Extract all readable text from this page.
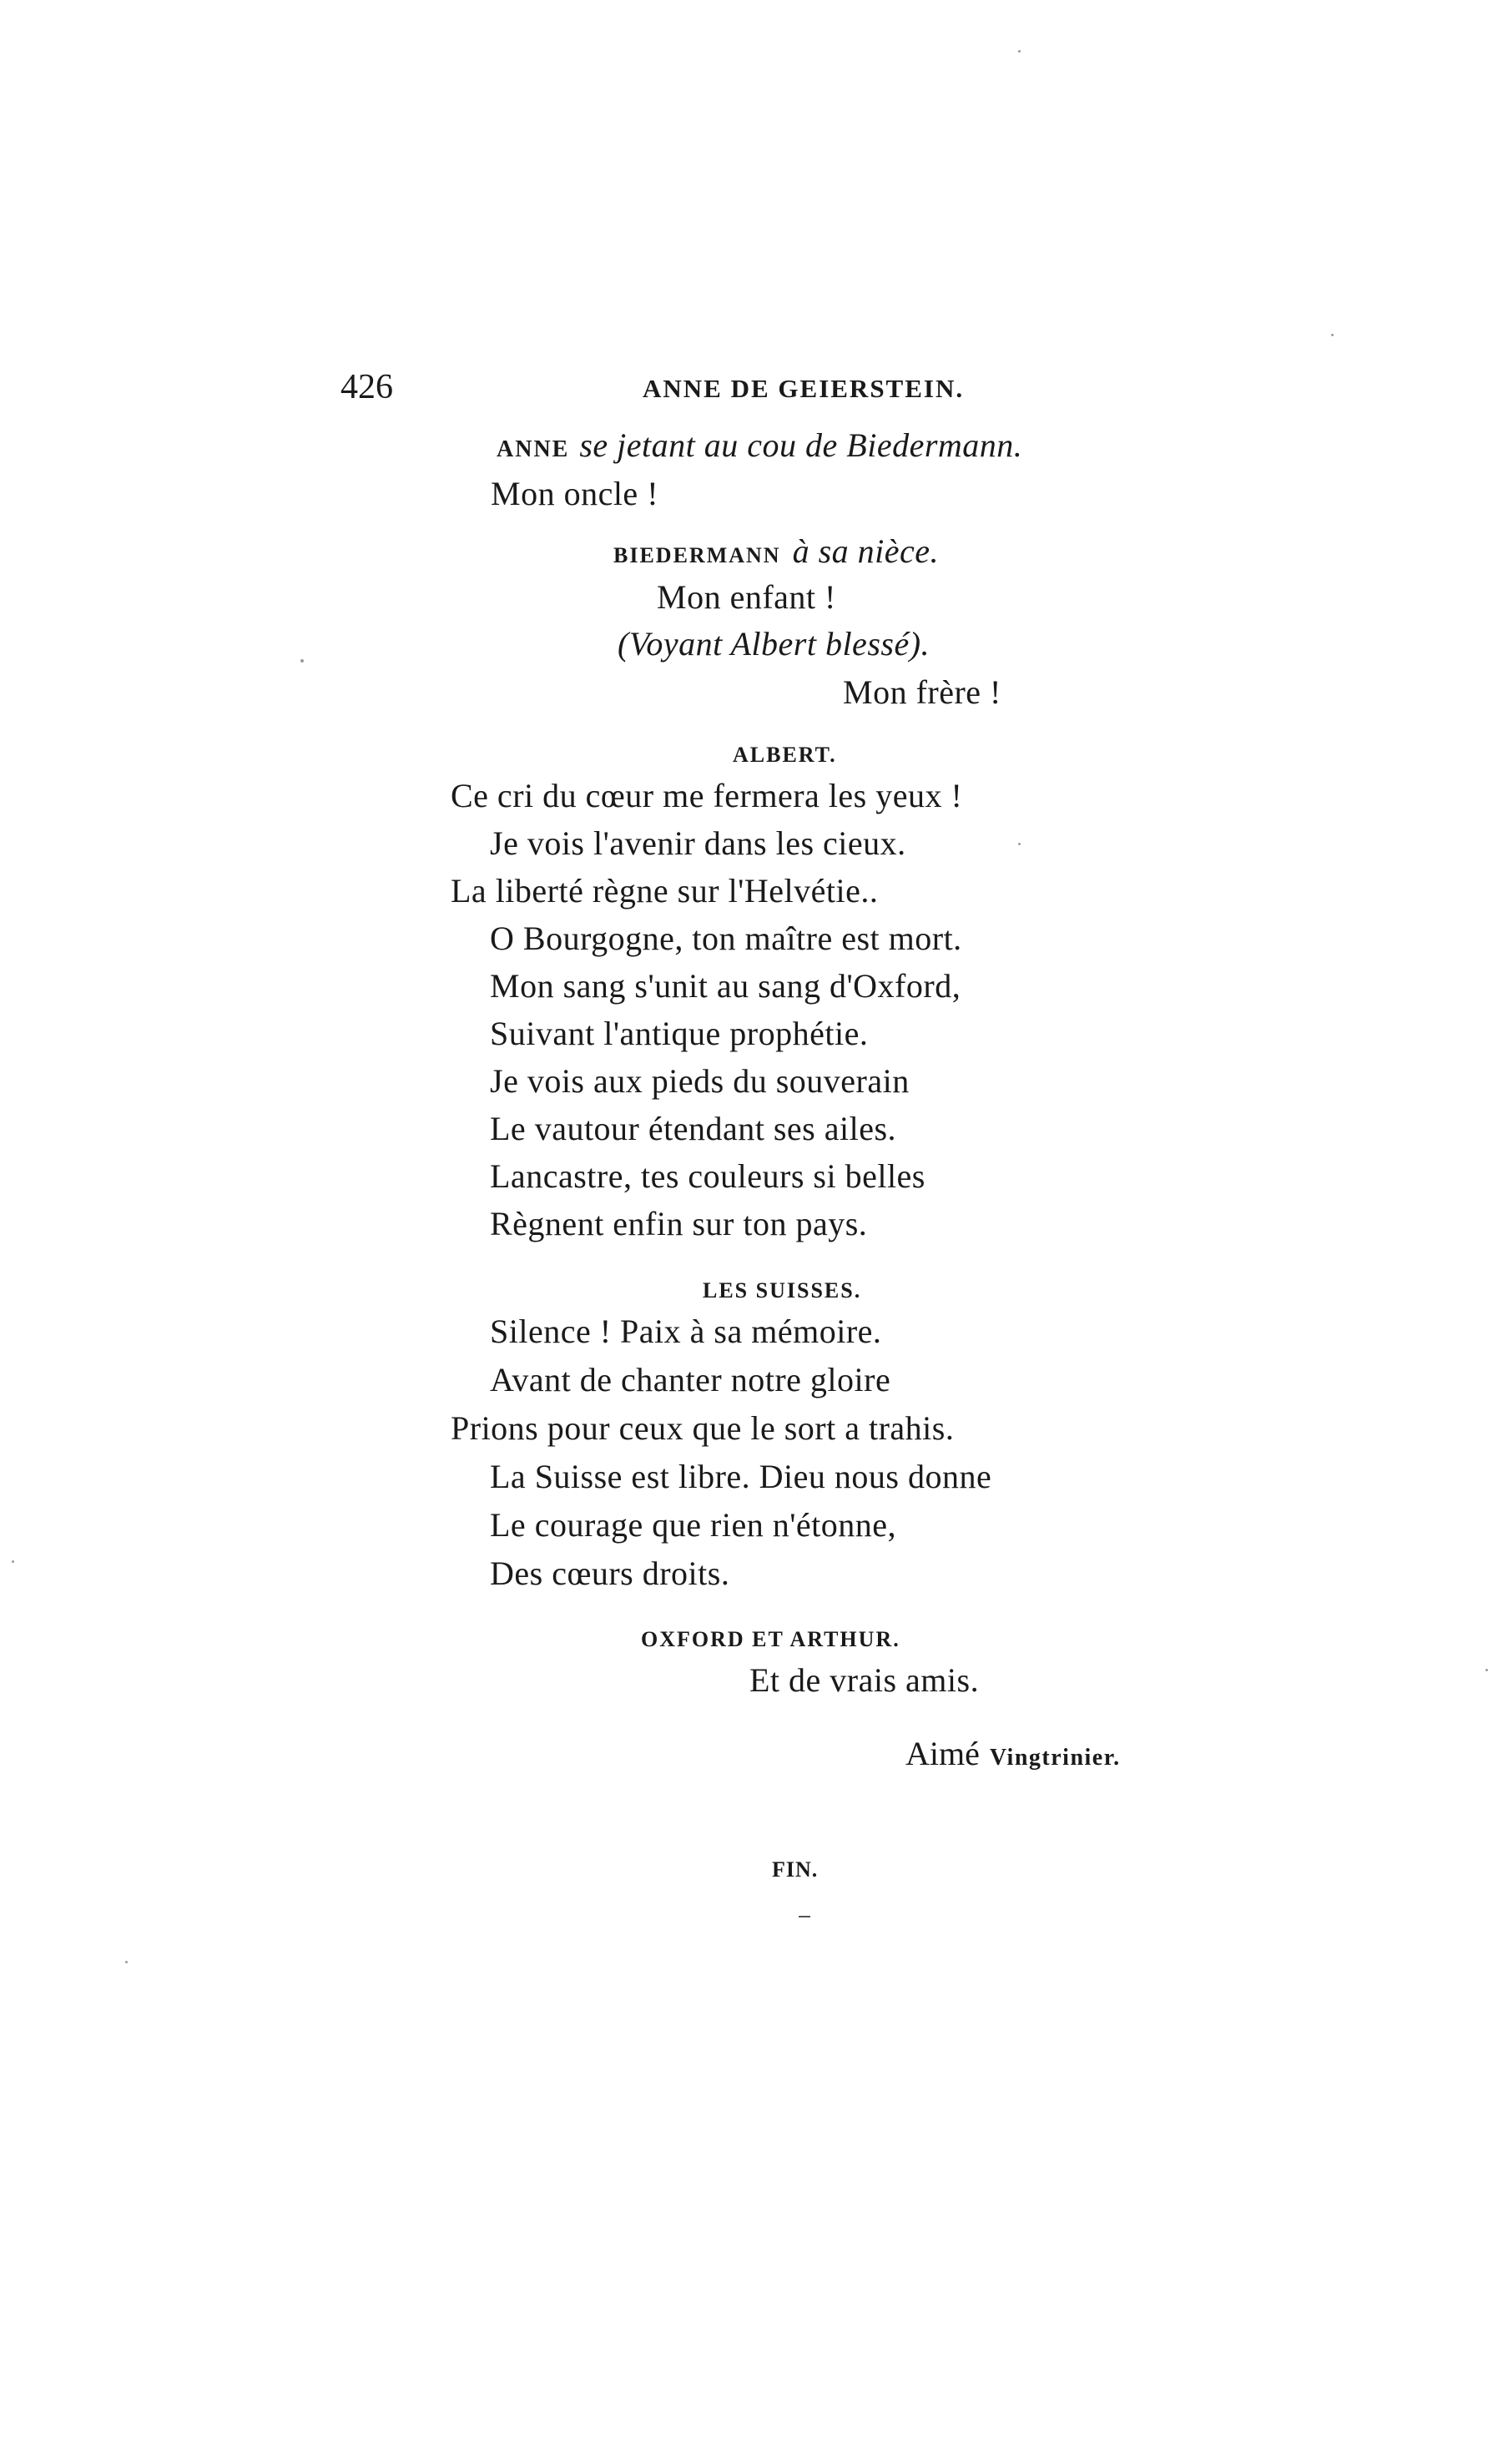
426	ANNE DE GEIERSTEIN.
ANNE se jetant au cou de Biedermann.
Mon oncle !
BIEDERMANN à sa nièce.
Mon enfant !
(Voyant Albert blessé).
Mon frère !
ALBERT.
Ce cri du cœur me fermera les yeux !
Je vois l'avenir dans les cieux.
La liberté règne sur l'Helvétie..
O Bourgogne, ton maître est mort.
Mon sang s'unit au sang d'Oxford,
Suivant l'antique prophétie.
Je vois aux pieds du souverain
Le vautour étendant ses ailes.
Lancastre, tes couleurs si belles
Règnent enfin sur ton pays.
LES SUISSES.
Silence ! Paix à sa mémoire.
Avant de chanter notre gloire
Prions pour ceux que le sort a trahis.
La Suisse est libre. Dieu nous donne
Le courage que rien n'étonne,
Des cœurs droits.
OXFORD ET ARTHUR.
Et de vrais amis.
Aimé Vingtrinier.
FIN.
